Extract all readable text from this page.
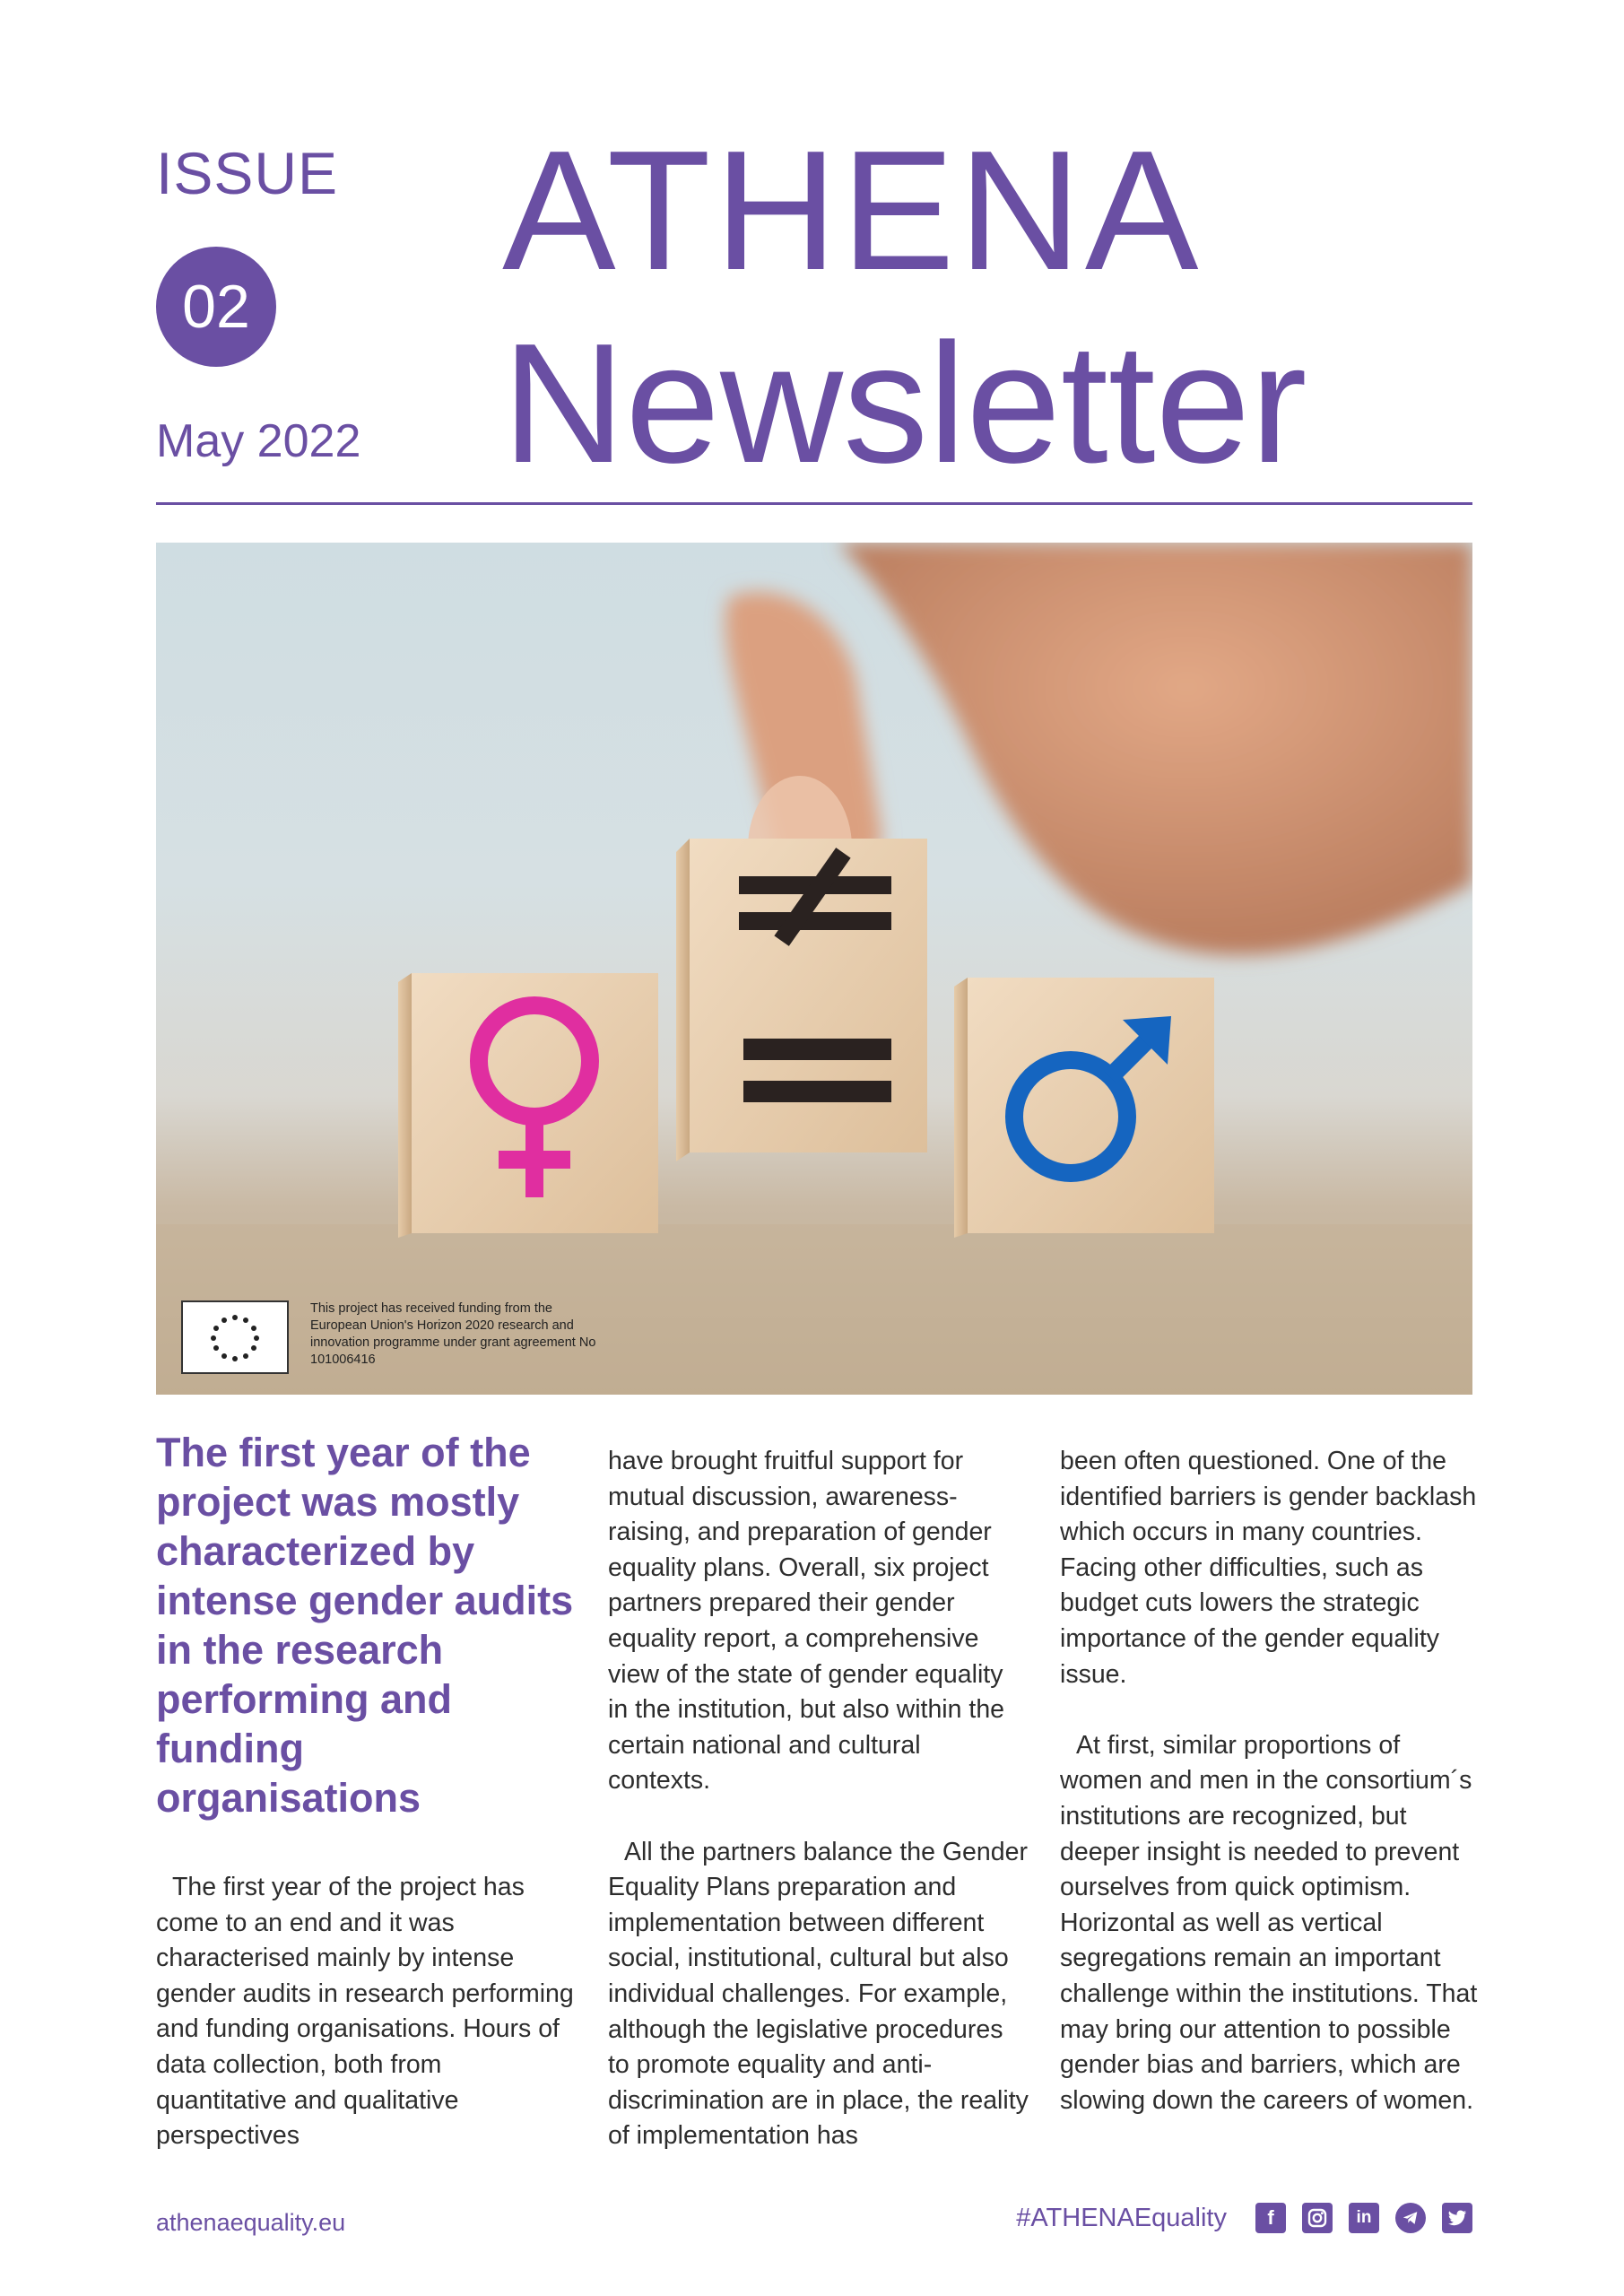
ISSUE
02
May 2022
ATHENA
Newsletter
This project has received funding from the European Union's Horizon 2020 research and innovation programme under grant agreement No 101006416
The first year of the project was mostly characterized by intense gender audits in the research performing and funding organisations

The first year of the project has come to an end and it was characterised mainly by intense gender audits in research performing and funding organisations. Hours of data collection, both from quantitative and qualitative perspectives

have brought fruitful support for mutual discussion, awareness-raising, and preparation of gender equality plans. Overall, six project partners prepared their gender equality report, a comprehensive view of the state of gender equality in the institution, but also within the certain national and cultural contexts.

All the partners balance the Gender Equality Plans preparation and implementation between different social, institutional, cultural but also individual challenges. For example, although the legislative procedures to promote equality and anti-discrimination are in place, the reality of implementation has

been often questioned. One of the identified barriers is gender backlash which occurs in many countries. Facing other difficulties, such as budget cuts lowers the strategic importance of the gender equality issue.

At first, similar proportions of women and men in the consortium´s institutions are recognized, but deeper insight is needed to prevent ourselves from quick optimism. Horizontal as well as vertical segregations remain an important challenge within the institutions. That may bring our attention to possible gender bias and barriers, which are slowing down the careers of women.

athenaequality.eu	#ATHENAEquality	f	in
